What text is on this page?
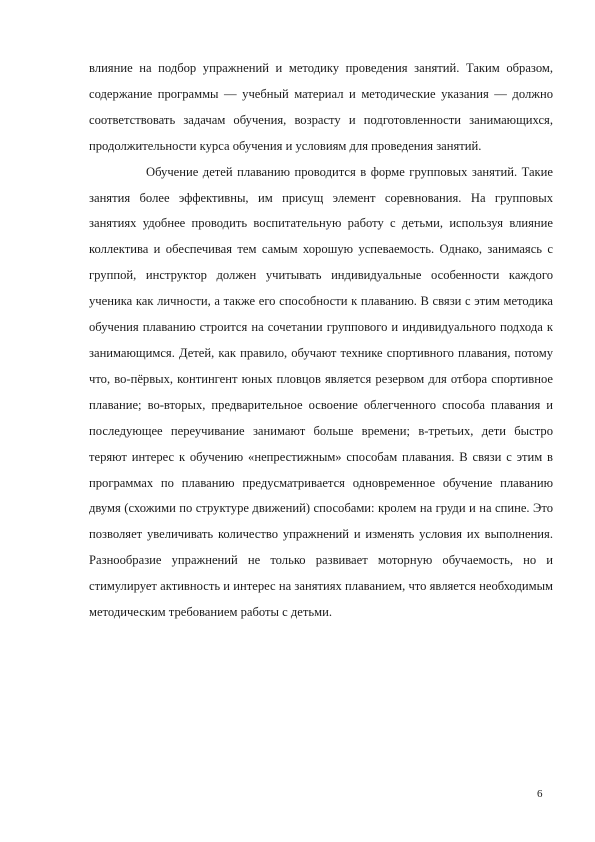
влияние на подбор упражнений и методику проведения занятий. Таким образом, содержание программы — учебный материал и методические указания — должно соответствовать задачам обучения, возрасту и подготовленности занимающихся, продолжительности курса обучения и условиям для проведения занятий.

Обучение детей плаванию проводится в форме групповых занятий. Такие занятия более эффективны, им присущ элемент соревнования. На групповых занятиях удобнее проводить воспитательную работу с детьми, используя влияние коллектива и обеспечивая тем самым хорошую успеваемость. Однако, занимаясь с группой, инструктор должен учитывать индивидуальные особенности каждого ученика как личности, а также его способности к плаванию. В связи с этим методика обучения плаванию строится на сочетании группового и индивидуального подхода к занимающимся. Детей, как правило, обучают технике спортивного плавания, потому что, во-пёрвых, контингент юных пловцов является резервом для отбора спортивное плавание; во-вторых, предварительное освоение облегченного способа плавания и последующее переучивание занимают больше времени; в-третьих, дети быстро теряют интерес к обучению «непрестижным» способам плавания. В связи с этим в программах по плаванию предусматривается одновременное обучение плаванию двумя (схожими по структуре движений) способами: кролем на груди и на спине. Это позволяет увеличивать количество упражнений и изменять условия их выполнения. Разнообразие упражнений не только развивает моторную обучаемость, но и стимулирует активность и интерес на занятиях плаванием, что является необходимым методическим требованием работы с детьми.

6
